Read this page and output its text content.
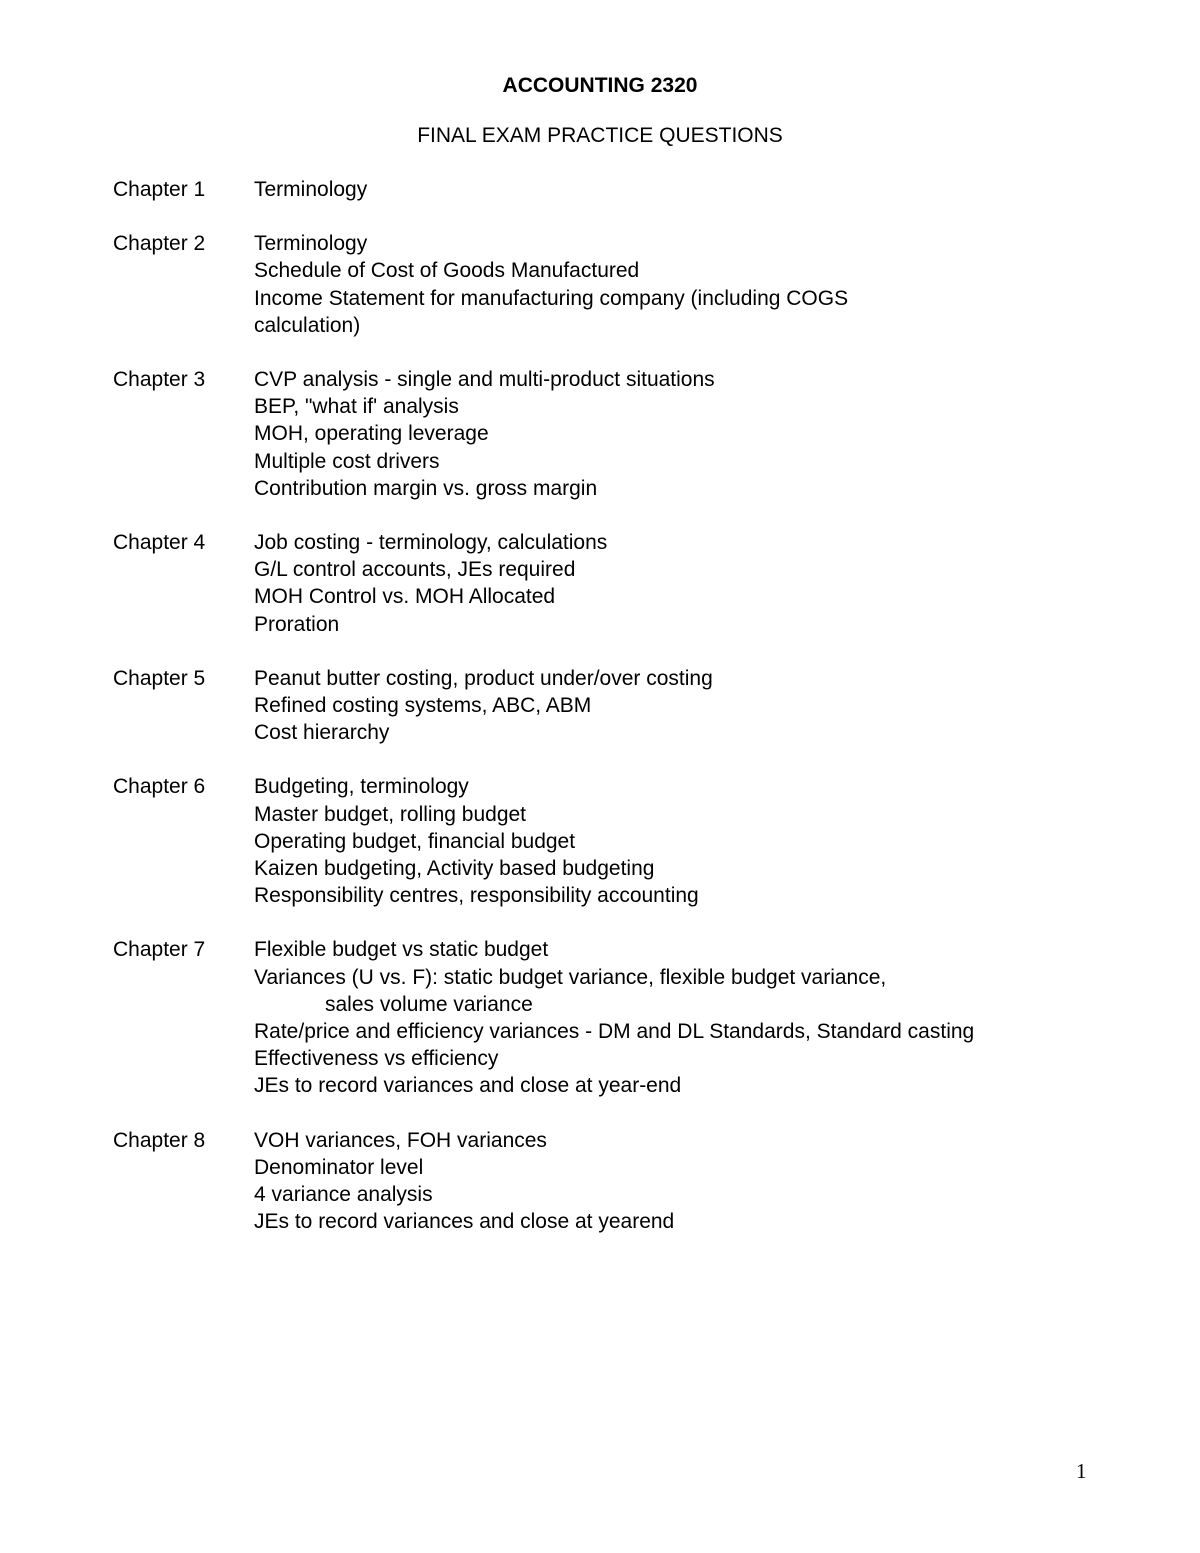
ACCOUNTING 2320
FINAL EXAM PRACTICE QUESTIONS
Chapter 1 Terminology
Chapter 2 Terminology
Schedule of Cost of Goods Manufactured
Income Statement for manufacturing company (including COGS
calculation)
Chapter 3 CVP analysis - single and multi-product situations
BEP, "what if' analysis
MOH, operating leverage
Multiple cost drivers
Contribution margin vs. gross margin
Chapter 4 Job costing - terminology, calculations
G/L control accounts, JEs required
MOH Control vs. MOH Allocated
Proration
Chapter 5 Peanut butter costing, product under/over costing
Refined costing systems, ABC, ABM
Cost hierarchy
Chapter 6 Budgeting, terminology
Master budget, rolling budget
Operating budget, financial budget
Kaizen budgeting, Activity based budgeting
Responsibility centres, responsibility accounting
Chapter 7 Flexible budget vs static budget
Variances (U vs. F): static budget variance, flexible budget variance,
sales volume variance
Rate/price and efficiency variances - DM and DL Standards, Standard casting
Effectiveness vs efficiency
JEs to record variances and close at year-end
Chapter 8 VOH variances, FOH variances
Denominator level
4 variance analysis
JEs to record variances and close at yearend
1
